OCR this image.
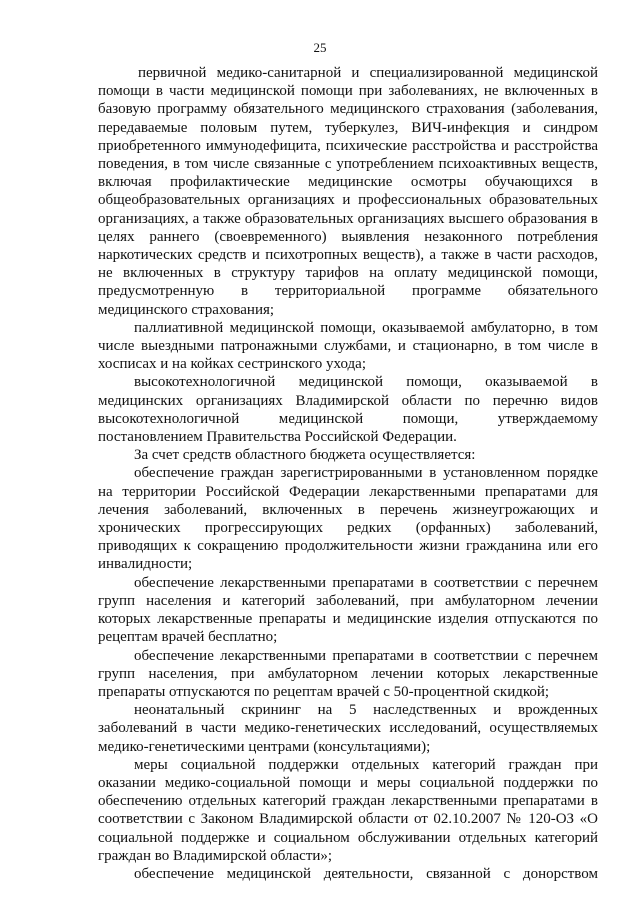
25

первичной медико-санитарной и специализированной медицинской помощи в части медицинской помощи при заболеваниях, не включенных в базовую программу обязательного медицинского страхования (заболевания, передаваемые половым путем, туберкулез, ВИЧ-инфекция и синдром приобретенного иммунодефицита, психические расстройства и расстройства поведения, в том числе связанные с употреблением психоактивных веществ, включая профилактические медицинские осмотры обучающихся в общеобразовательных организациях и профессиональных образовательных организациях, а также образовательных организациях высшего образования в целях раннего (своевременного) выявления незаконного потребления наркотических средств и психотропных веществ), а также в части расходов, не включенных в структуру тарифов на оплату медицинской помощи, предусмотренную в территориальной программе обязательного медицинского страхования;

паллиативной медицинской помощи, оказываемой амбулаторно, в том числе выездными патронажными службами, и стационарно, в том числе в хосписах и на койках сестринского ухода;

высокотехнологичной медицинской помощи, оказываемой в медицинских организациях Владимирской области по перечню видов высокотехнологичной медицинской помощи, утверждаемому постановлением Правительства Российской Федерации.

За счет средств областного бюджета осуществляется:

обеспечение граждан зарегистрированными в установленном порядке на территории Российской Федерации лекарственными препаратами для лечения заболеваний, включенных в перечень жизнеугрожающих и хронических прогрессирующих редких (орфанных) заболеваний, приводящих к сокращению продолжительности жизни гражданина или его инвалидности;

обеспечение лекарственными препаратами в соответствии с перечнем групп населения и категорий заболеваний, при амбулаторном лечении которых лекарственные препараты и медицинские изделия отпускаются по рецептам врачей бесплатно;

обеспечение лекарственными препаратами в соответствии с перечнем групп населения, при амбулаторном лечении которых лекарственные препараты отпускаются по рецептам врачей с 50-процентной скидкой;

неонатальный скрининг на 5 наследственных и врожденных заболеваний в части медико-генетических исследований, осуществляемых медико-генетическими центрами (консультациями);

меры социальной поддержки отдельных категорий граждан при оказании медико-социальной помощи и меры социальной поддержки по обеспечению отдельных категорий граждан лекарственными препаратами в соответствии с Законом Владимирской области от 02.10.2007 № 120-ОЗ «О социальной поддержке и социальном обслуживании отдельных категорий граждан во Владимирской области»;

обеспечение медицинской деятельности, связанной с донорством
